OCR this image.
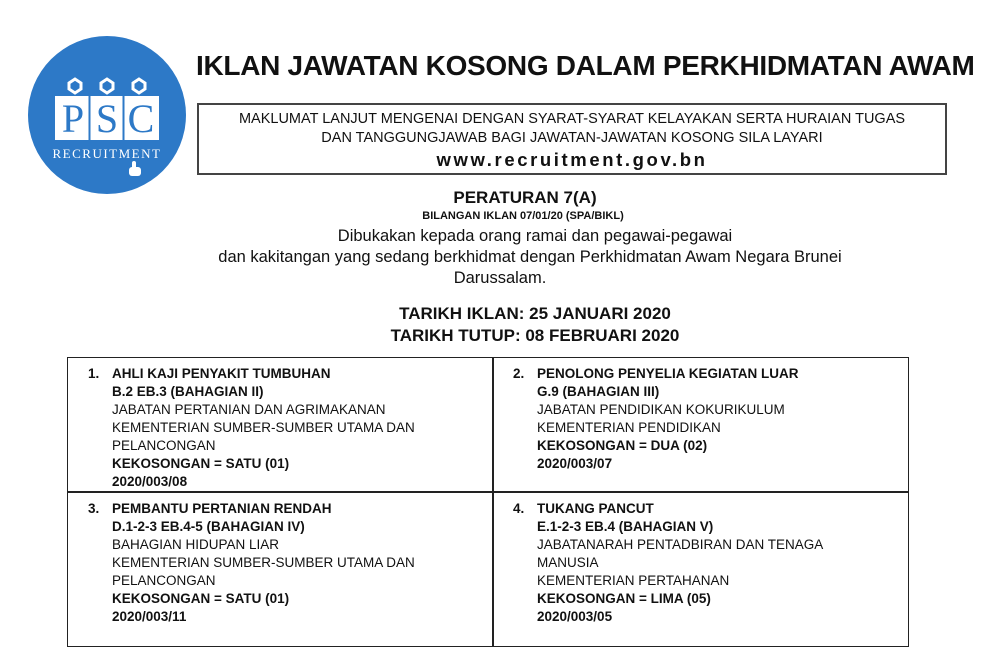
P S C
RECRUITMENT
IKLAN JAWATAN KOSONG DALAM PERKHIDMATAN AWAM
MAKLUMAT LANJUT MENGENAI DENGAN SYARAT-SYARAT KELAYAKAN SERTA HURAIAN TUGAS
DAN TANGGUNGJAWAB BAGI JAWATAN-JAWATAN KOSONG SILA LAYARI
www.recruitment.gov.bn
PERATURAN 7(A)
BILANGAN IKLAN 07/01/20 (SPA/BIKL)
Dibukakan kepada orang ramai dan pegawai-pegawai
dan kakitangan yang sedang berkhidmat dengan Perkhidmatan Awam Negara Brunei
Darussalam.
TARIKH IKLAN: 25 JANUARI 2020
TARIKH TUTUP: 08 FEBRUARI 2020
1. AHLI KAJI PENYAKIT TUMBUHAN
B.2 EB.3 (BAHAGIAN II)
JABATAN PERTANIAN DAN AGRIMAKANAN
KEMENTERIAN SUMBER-SUMBER UTAMA DAN
PELANCONGAN
KEKOSONGAN = SATU (01)
2020/003/08
2. PENOLONG PENYELIA KEGIATAN LUAR
G.9 (BAHAGIAN III)
JABATAN PENDIDIKAN KOKURIKULUM
KEMENTERIAN PENDIDIKAN
KEKOSONGAN = DUA (02)
2020/003/07
3. PEMBANTU PERTANIAN RENDAH
D.1-2-3 EB.4-5 (BAHAGIAN IV)
BAHAGIAN HIDUPAN LIAR
KEMENTERIAN SUMBER-SUMBER UTAMA DAN
PELANCONGAN
KEKOSONGAN = SATU (01)
2020/003/11
4. TUKANG PANCUT
E.1-2-3 EB.4 (BAHAGIAN V)
JABATANARAH PENTADBIRAN DAN TENAGA
MANUSIA
KEMENTERIAN PERTAHANAN
KEKOSONGAN = LIMA (05)
2020/003/05
